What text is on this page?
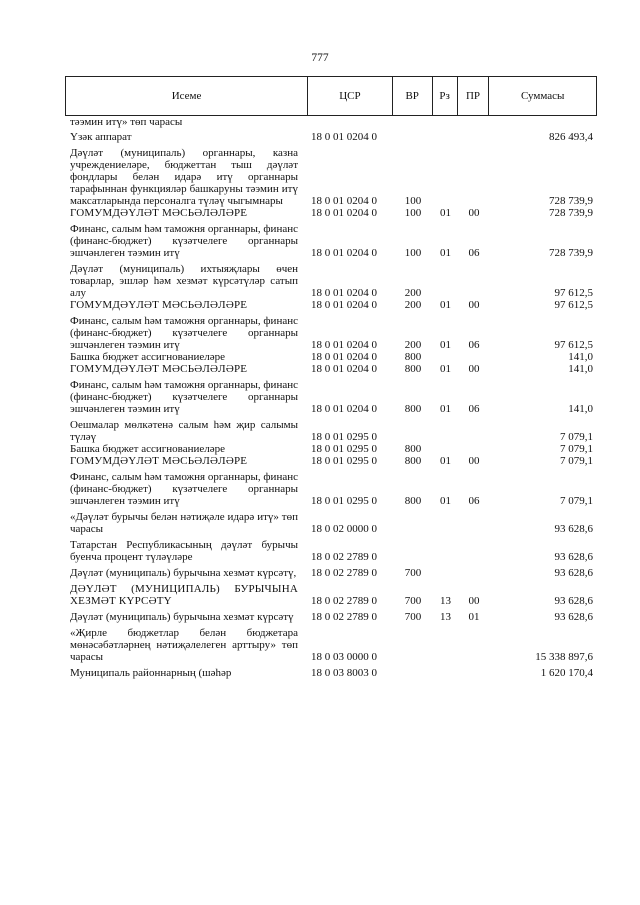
777
Исеме	ЦСР	ВР	Рз	ПР	Суммасы
тәэмин итү» төп чарасы
Үзәк аппарат	18 0 01 0204 0	826 493,4
Дәүләт (муниципаль) органнары, казна учреждениеләре, бюджеттан тыш дәүләт фондлары белән идарә итү органнары тарафыннан функцияләр башкаруны тәэмин итү максатларында персоналга түләү чыгымнары	18 0 01 0204 0	100	728 739,9
ГОМУМДӘҮЛӘТ МӘСЬӘЛӘЛӘРЕ	18 0 01 0204 0	100	01	00	728 739,9
Финанс, салым һәм таможня органнары, финанс (финанс-бюджет) күзәтчелеге органнары эшчәнлеген тәэмин итү	18 0 01 0204 0	100	01	06	728 739,9
Дәүләт (муниципаль) ихтыяҗлары өчен товарлар, эшләр һәм хезмәт күрсәтүләр сатып алу	18 0 01 0204 0	200	97 612,5
ГОМУМДӘҮЛӘТ МӘСЬӘЛӘЛӘРЕ	18 0 01 0204 0	200	01	00	97 612,5
Финанс, салым һәм таможня органнары, финанс (финанс-бюджет) күзәтчелеге органнары эшчәнлеген тәэмин итү	18 0 01 0204 0	200	01	06	97 612,5
Башка бюджет ассигнованиеләре	18 0 01 0204 0	800	141,0
ГОМУМДӘҮЛӘТ МӘСЬӘЛӘЛӘРЕ	18 0 01 0204 0	800	01	00	141,0
Финанс, салым һәм таможня органнары, финанс (финанс-бюджет) күзәтчелеге органнары эшчәнлеген тәэмин итү	18 0 01 0204 0	800	01	06	141,0
Оешмалар мөлкәтенә салым һәм җир салымы түләү	18 0 01 0295 0	7 079,1
Башка бюджет ассигнованиеләре	18 0 01 0295 0	800	7 079,1
ГОМУМДӘҮЛӘТ МӘСЬӘЛӘЛӘРЕ	18 0 01 0295 0	800	01	00	7 079,1
Финанс, салым һәм таможня органнары, финанс (финанс-бюджет) күзәтчелеге органнары эшчәнлеген тәэмин итү	18 0 01 0295 0	800	01	06	7 079,1
«Дәүләт бурычы белән нәтиҗәле идарә итү» төп чарасы	18 0 02 0000 0	93 628,6
Татарстан Республикасының дәүләт бурычы буенча процент түләүләре	18 0 02 2789 0	93 628,6
Дәүләт (муниципаль) бурычына хезмәт күрсәтү,	18 0 02 2789 0	700	93 628,6
ДӘҮЛӘТ (МУНИЦИПАЛЬ) БУРЫЧЫНА ХЕЗМӘТ КҮРСӘТҮ	18 0 02 2789 0	700	13	00	93 628,6
Дәүләт (муниципаль) бурычына хезмәт күрсәтү	18 0 02 2789 0	700	13	01	93 628,6
«Җирле бюджетлар белән бюджетара мөнәсәбәтләрнең нәтиҗәлелеген арттыру» төп чарасы	18 0 03 0000 0	15 338 897,6
Муниципаль районнарның (шәһәр	18 0 03 8003 0	1 620 170,4
